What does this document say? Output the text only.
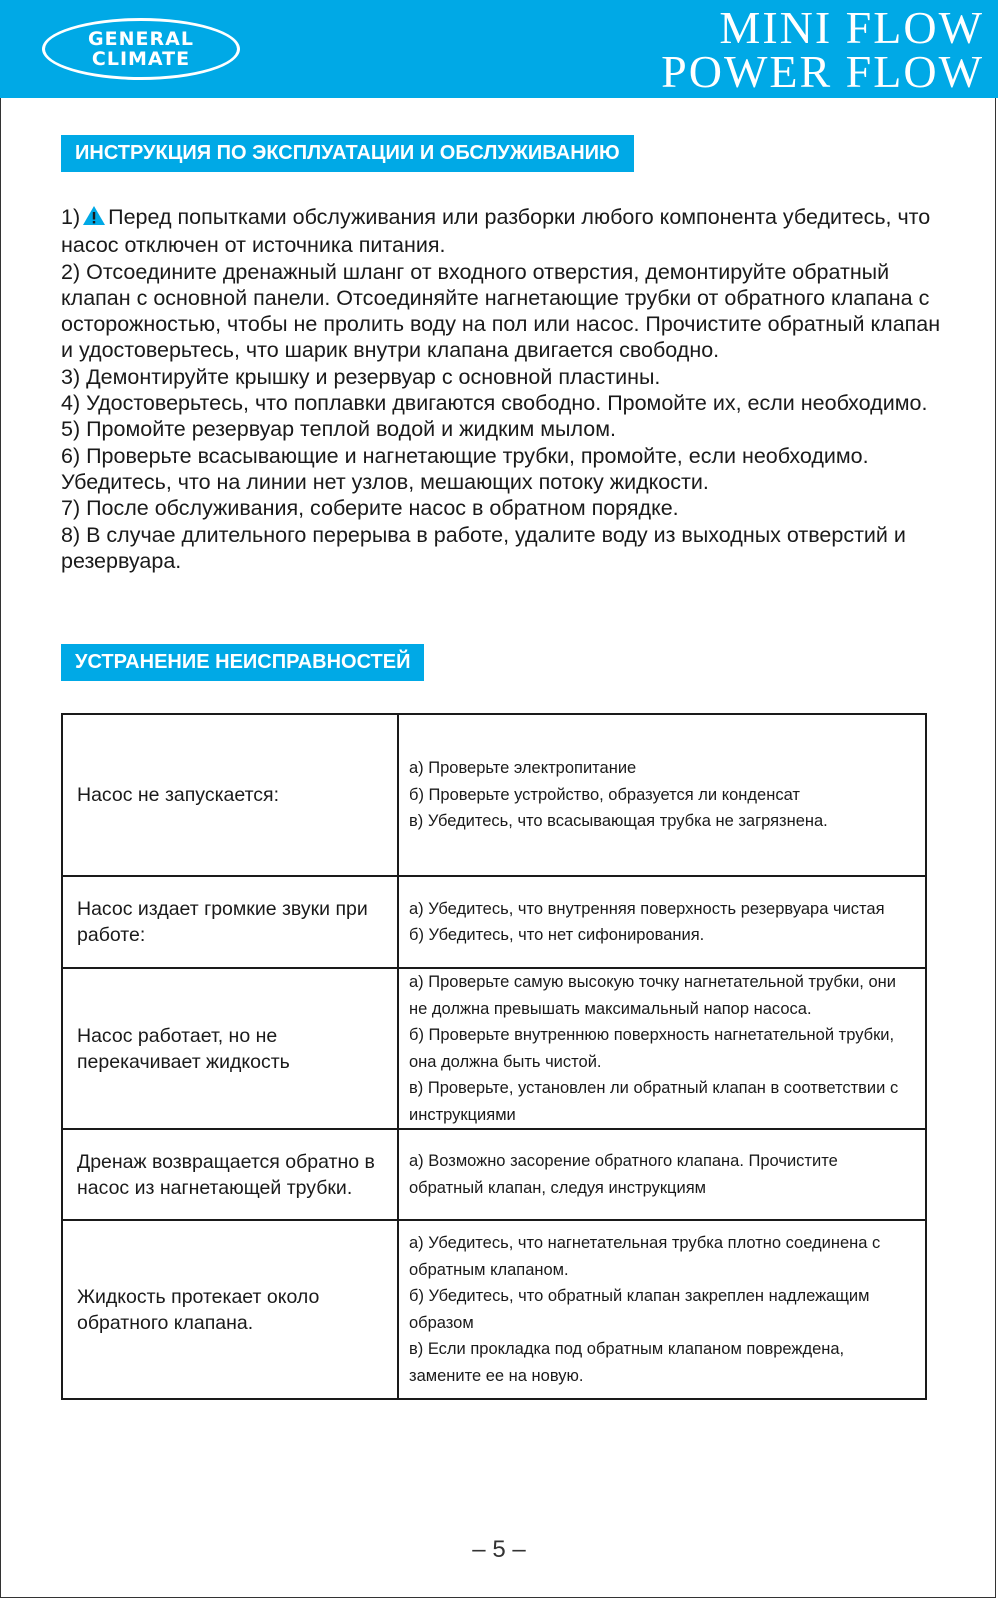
GENERAL
CLIMATE
MINI FLOW
POWER FLOW
ИНСТРУКЦИЯ ПО ЭКСПЛУАТАЦИИ И ОБСЛУЖИВАНИЮ

1) Перед попытками обслуживания или разборки любого компонента убедитесь, что насос отключен от источника питания.

2) Отсоедините дренажный шланг от входного отверстия, демонтируйте обратный клапан с основной панели. Отсоединяйте нагнетающие трубки от обратного клапана с осторожностью, чтобы не пролить воду на пол или насос. Прочистите обратный клапан и удостоверьтесь, что шарик внутри клапана двигается свободно.

3) Демонтируйте крышку и резервуар с основной пластины.

4) Удостоверьтесь, что поплавки двигаются свободно. Промойте их, если необходимо.

5) Промойте резервуар теплой водой и жидким мылом.

6) Проверьте всасывающие и нагнетающие трубки, промойте, если необходимо. Убедитесь, что на линии нет узлов, мешающих потоку жидкости.

7) После обслуживания, соберите насос в обратном порядке.

8) В случае длительного перерыва в работе, удалите воду из выходных отверстий и резервуара.

УСТРАНЕНИЕ НЕИСПРАВНОСТЕЙ
Насос не запускается:	а) Проверьте электропитание
б) Проверьте устройство, образуется ли конденсат
в) Убедитесь, что всасывающая трубка не загрязнена.

Насос издает громкие звуки при работе:	а) Убедитесь, что внутренняя поверхность резервуара чистая
б) Убедитесь, что нет сифонирования.

Насос работает, но не перекачивает жидкость	а) Проверьте самую высокую точку нагнетательной трубки, они не должна превышать максимальный напор насоса.
б) Проверьте внутреннюю поверхность нагнетательной трубки, она должна быть чистой.
в) Проверьте, установлен ли обратный клапан в соответствии с инструкциями

Дренаж возвращается обратно в насос из нагнетающей трубки.	а) Возможно засорение обратного клапана. Прочистите обратный клапан, следуя инструкциям

Жидкость протекает около обратного клапана.	а) Убедитесь, что нагнетательная трубка плотно соединена с обратным клапаном.
б) Убедитесь, что обратный клапан закреплен надлежащим образом
в) Если прокладка под обратным клапаном повреждена, замените ее на новую.
– 5 –
